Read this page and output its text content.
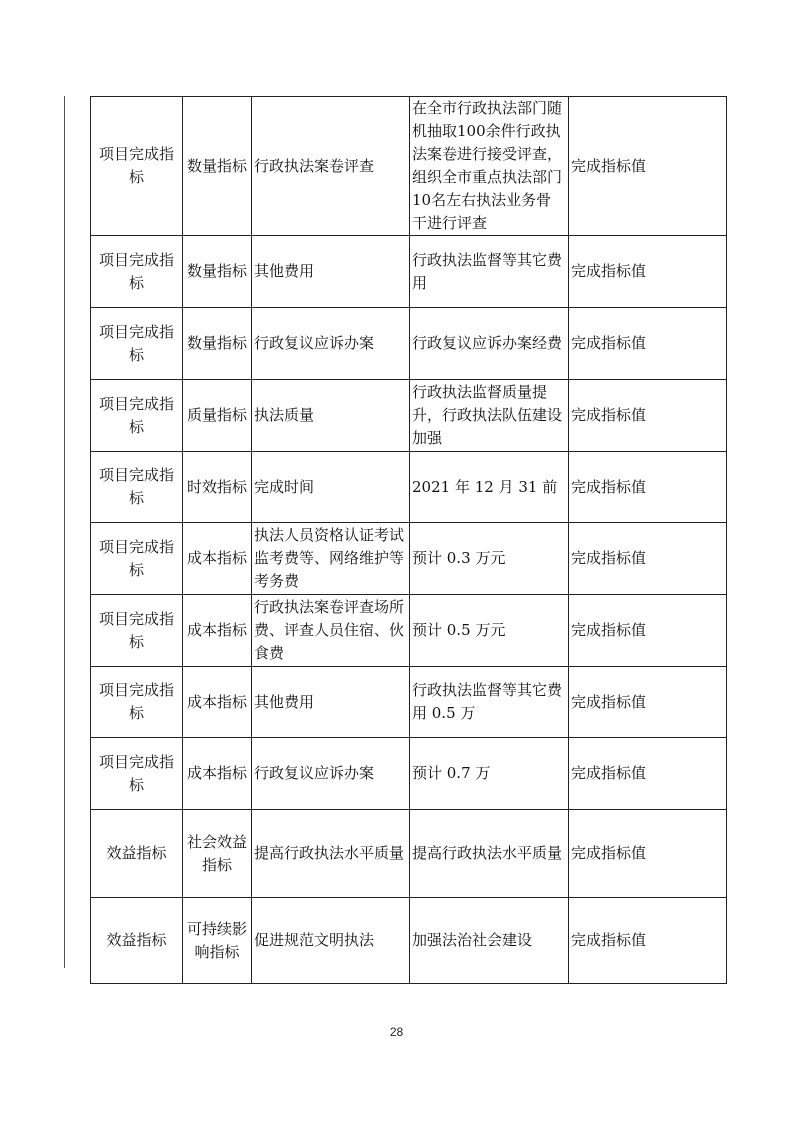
项目完成指标	数量指标	行政执法案卷评查	在全市行政执法部门随机抽取100余件行政执法案卷进行接受评查，组织全市重点执法部门10名左右执法业务骨干进行评查	完成指标值
项目完成指标	数量指标	其他费用	行政执法监督等其它费用	完成指标值
项目完成指标	数量指标	行政复议应诉办案	行政复议应诉办案经费	完成指标值
项目完成指标	质量指标	执法质量	行政执法监督质量提升，行政执法队伍建设加强	完成指标值
项目完成指标	时效指标	完成时间	2021 年 12 月 31 前	完成指标值
项目完成指标	成本指标	执法人员资格认证考试监考费等、网络维护等考务费	预计 0.3 万元	完成指标值
项目完成指标	成本指标	行政执法案卷评查场所费、评查人员住宿、伙食费	预计 0.5 万元	完成指标值
项目完成指标	成本指标	其他费用	行政执法监督等其它费用 0.5 万	完成指标值
项目完成指标	成本指标	行政复议应诉办案	预计 0.7 万	完成指标值
效益指标	社会效益指标	提高行政执法水平质量	提高行政执法水平质量	完成指标值
效益指标	可持续影响指标	促进规范文明执法	加强法治社会建设	完成指标值
28
